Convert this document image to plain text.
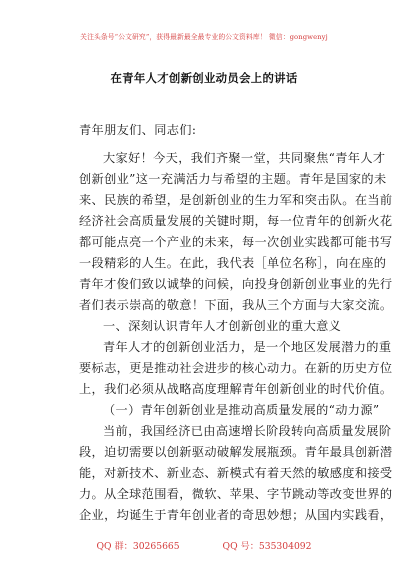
关注头条号“公文研究”，获得最新最全最专业的公文资料库！ 微信：gongwenyj
在青年人才创新创业动员会上的讲话
青年朋友们、同志们:
大家好！今天，我们齐聚一堂，共同聚焦“青年人才
创新创业”这一充满活力与希望的主题。青年是国家的未
来、民族的希望，是创新创业的生力军和突击队。在当前
经济社会高质量发展的关键时期，每一位青年的创新火花
都可能点亮一个产业的未来，每一次创业实践都可能书写
一段精彩的人生。在此，我代表［单位名称］，向在座的
青年才俊们致以诚挚的问候，向投身创新创业事业的先行
者们表示崇高的敬意！下面，我从三个方面与大家交流。
一、深刻认识青年人才创新创业的重大意义
青年人才的创新创业活力，是一个地区发展潜力的重
要标志，更是推动社会进步的核心动力。在新的历史方位
上，我们必须从战略高度理解青年创新创业的时代价值。
（一）青年创新创业是推动高质量发展的“动力源”
当前，我国经济已由高速增长阶段转向高质量发展阶
段，迫切需要以创新驱动破解发展瓶颈。青年最具创新潜
能，对新技术、新业态、新模式有着天然的敏感度和接受
力。从全球范围看，微软、苹果、字节跳动等改变世界的
企业，均诞生于青年创业者的奇思妙想；从国内实践看，
QQ 群：30265665	QQ 号：535304092
